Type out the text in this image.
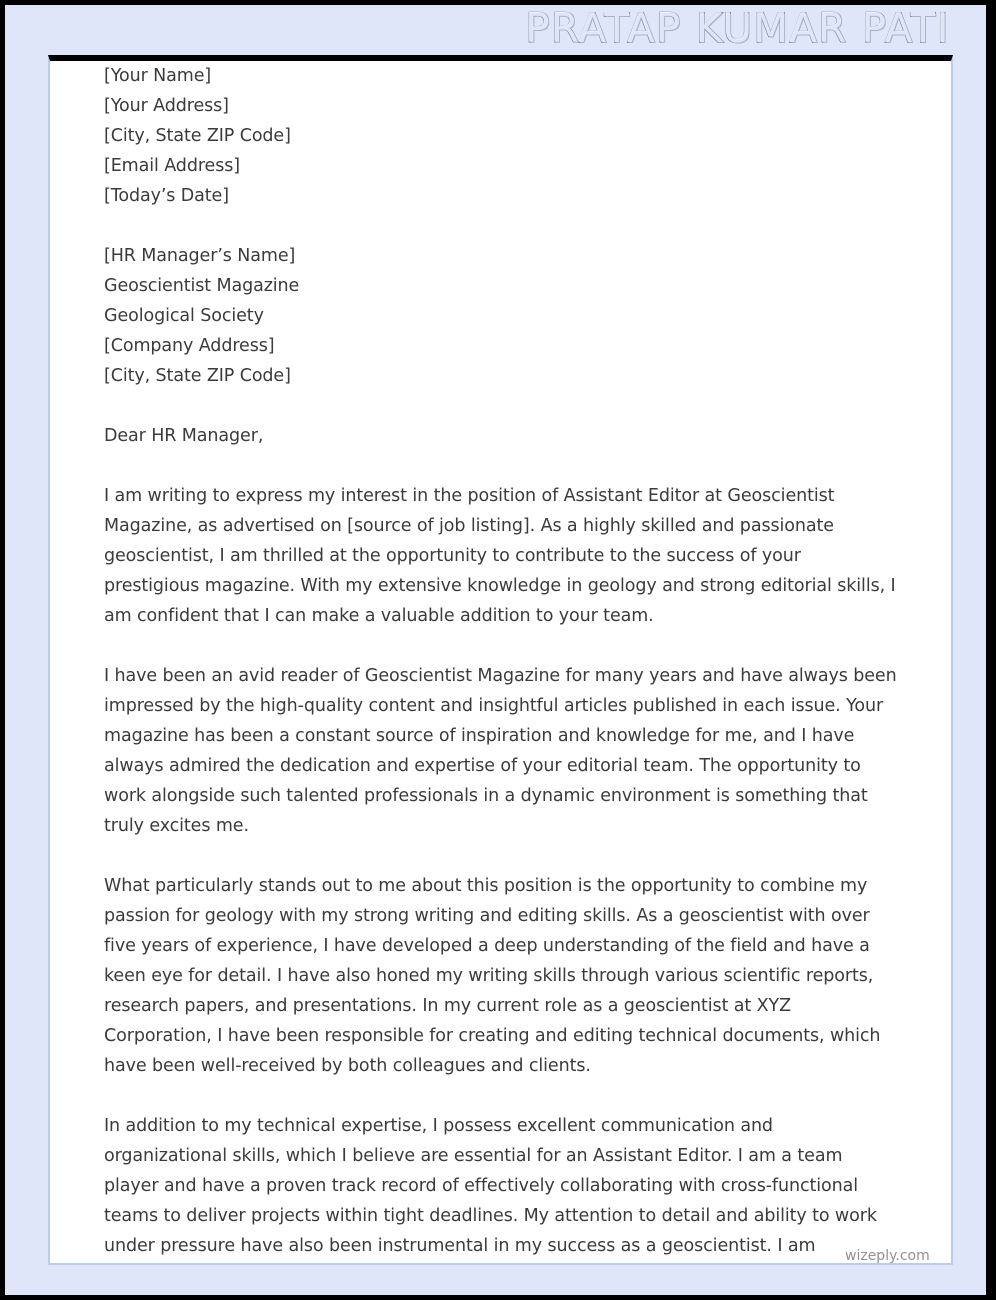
PRATAP KUMAR PATI
[Your Name]
[Your Address]
[City, State ZIP Code]
[Email Address]
[Today’s Date]
[HR Manager’s Name]
Geoscientist Magazine
Geological Society
[Company Address]
[City, State ZIP Code]
Dear HR Manager,
I am writing to express my interest in the position of Assistant Editor at Geoscientist Magazine, as advertised on [source of job listing]. As a highly skilled and passionate geoscientist, I am thrilled at the opportunity to contribute to the success of your prestigious magazine. With my extensive knowledge in geology and strong editorial skills, I am confident that I can make a valuable addition to your team.
I have been an avid reader of Geoscientist Magazine for many years and have always been impressed by the high-quality content and insightful articles published in each issue. Your magazine has been a constant source of inspiration and knowledge for me, and I have always admired the dedication and expertise of your editorial team. The opportunity to work alongside such talented professionals in a dynamic environment is something that truly excites me.
What particularly stands out to me about this position is the opportunity to combine my passion for geology with my strong writing and editing skills. As a geoscientist with over five years of experience, I have developed a deep understanding of the field and have a keen eye for detail. I have also honed my writing skills through various scientific reports, research papers, and presentations. In my current role as a geoscientist at XYZ Corporation, I have been responsible for creating and editing technical documents, which have been well-received by both colleagues and clients.
In addition to my technical expertise, I possess excellent communication and organizational skills, which I believe are essential for an Assistant Editor. I am a team player and have a proven track record of effectively collaborating with cross-functional teams to deliver projects within tight deadlines. My attention to detail and ability to work under pressure have also been instrumental in my success as a geoscientist. I am	wizeply.com
